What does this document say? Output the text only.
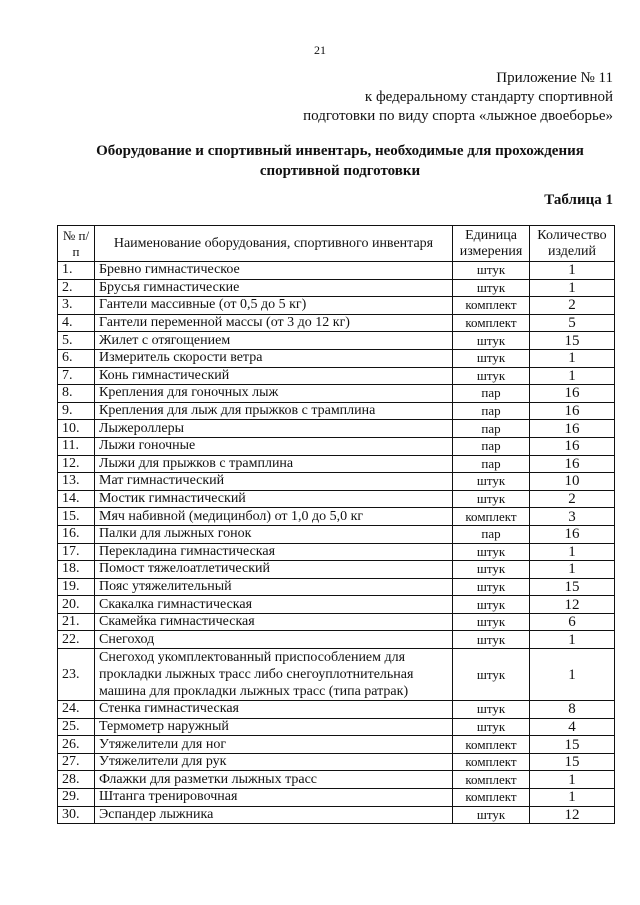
21
Приложение № 11
к федеральному стандарту спортивной
подготовки по виду спорта «лыжное двоеборье»
Оборудование и спортивный инвентарь, необходимые для прохождения
спортивной подготовки
Таблица 1
№ п/п	Наименование оборудования, спортивного инвентаря	Единица измерения	Количество изделий
1.	Бревно гимнастическое	штук	1
2.	Брусья гимнастические	штук	1
3.	Гантели массивные (от 0,5 до 5 кг)	комплект	2
4.	Гантели переменной массы (от 3 до 12 кг)	комплект	5
5.	Жилет с отягощением	штук	15
6.	Измеритель скорости ветра	штук	1
7.	Конь гимнастический	штук	1
8.	Крепления для гоночных лыж	пар	16
9.	Крепления для лыж для прыжков с трамплина	пар	16
10.	Лыжероллеры	пар	16
11.	Лыжи гоночные	пар	16
12.	Лыжи для прыжков с трамплина	пар	16
13.	Мат гимнастический	штук	10
14.	Мостик гимнастический	штук	2
15.	Мяч набивной (медицинбол) от 1,0 до 5,0 кг	комплект	3
16.	Палки для лыжных гонок	пар	16
17.	Перекладина гимнастическая	штук	1
18.	Помост тяжелоатлетический	штук	1
19.	Пояс утяжелительный	штук	15
20.	Скакалка гимнастическая	штук	12
21.	Скамейка гимнастическая	штук	6
22.	Снегоход	штук	1
23.	Снегоход укомплектованный приспособлением для прокладки лыжных трасс либо снегоуплотнительная машина для прокладки лыжных трасс (типа ратрак)	штук	1
24.	Стенка гимнастическая	штук	8
25.	Термометр наружный	штук	4
26.	Утяжелители для ног	комплект	15
27.	Утяжелители для рук	комплект	15
28.	Флажки для разметки лыжных трасс	комплект	1
29.	Штанга тренировочная	комплект	1
30.	Эспандер лыжника	штук	12
